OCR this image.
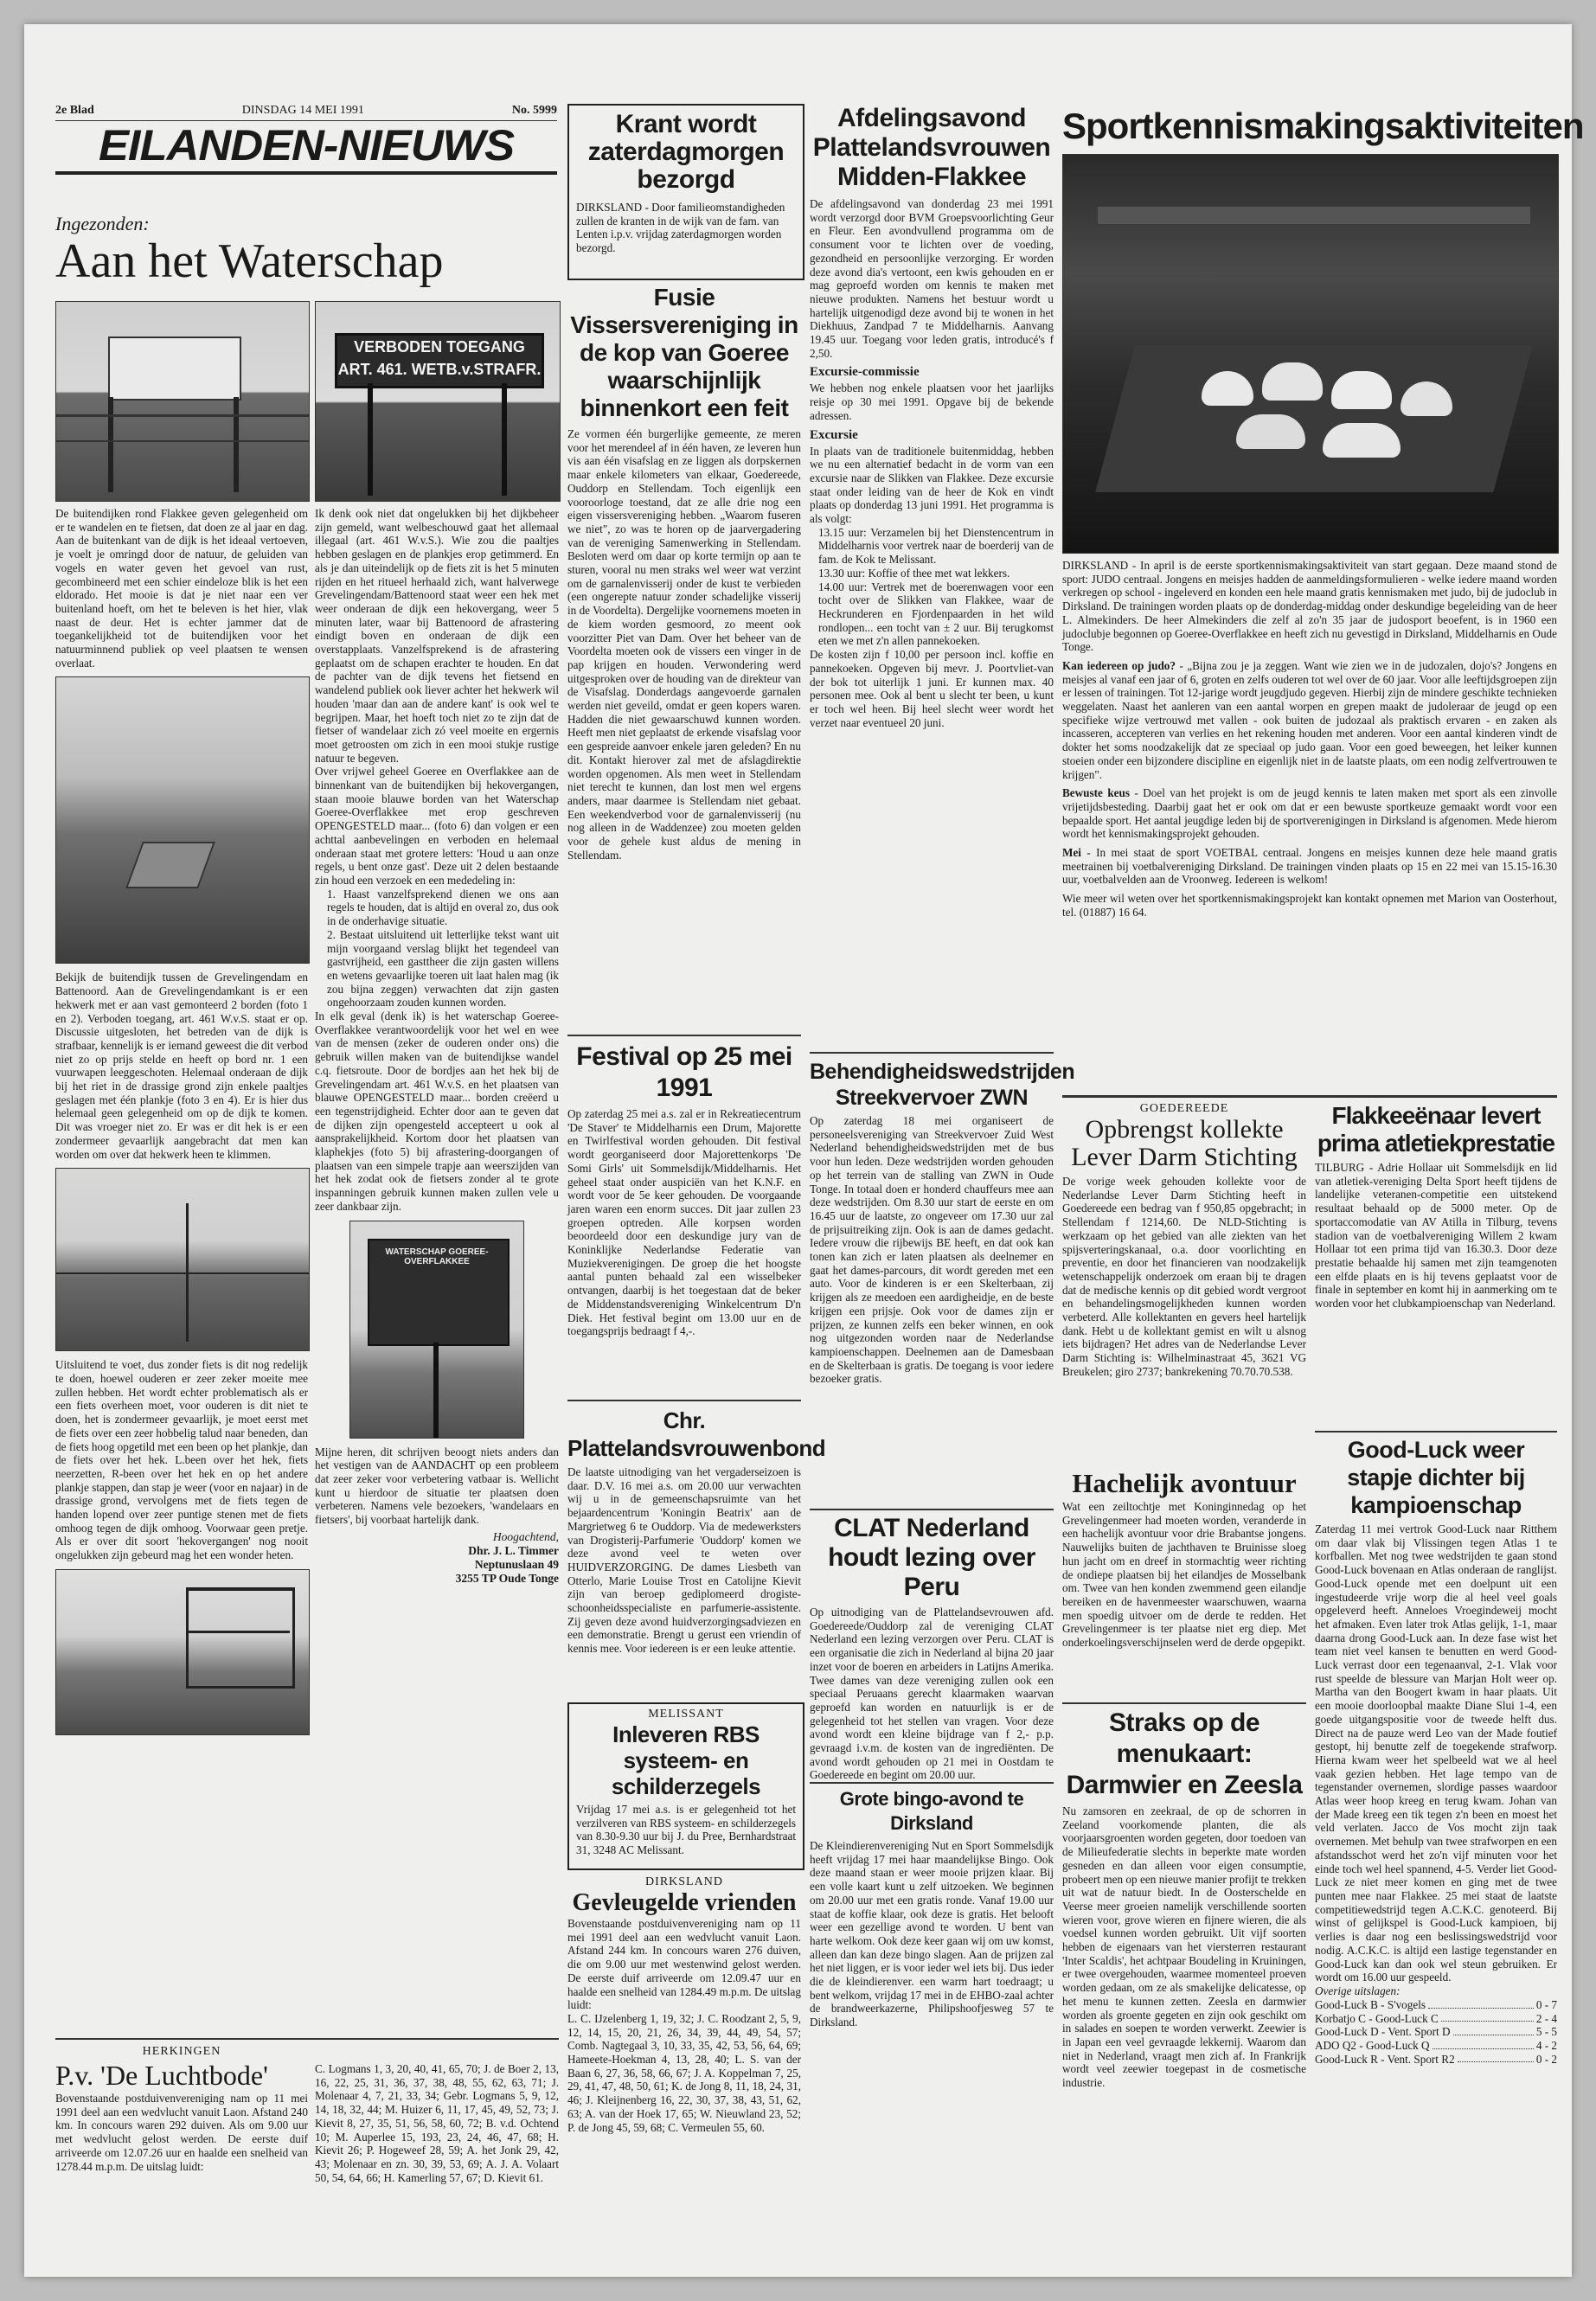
2e Blad	DINSDAG 14 MEI 1991	No. 5999
EILANDEN-NIEUWS
Ingezonden:
Aan het Waterschap
VERBODEN TOEGANG ART. 461. WETB.v.STRAFR.

De buitendijken rond Flakkee geven gelegenheid om er te wandelen en te fietsen, dat doen ze al jaar en dag. Aan de buitenkant van de dijk is het ideaal vertoeven, je voelt je omringd door de natuur, de geluiden van vogels en water geven het gevoel van rust, gecombineerd met een schier eindeloze blik is het een eldorado. Het mooie is dat je niet naar een ver buitenland hoeft, om het te beleven is het hier, vlak naast de deur. Het is echter jammer dat de toegankelijkheid tot de buitendijken voor het natuurminnend publiek op veel plaatsen te wensen overlaat.

Bekijk de buitendijk tussen de Grevelingendam en Battenoord. Aan de Grevelingendamkant is er een hekwerk met er aan vast gemonteerd 2 borden (foto 1 en 2). Verboden toegang, art. 461 W.v.S. staat er op. Discussie uitgesloten, het betreden van de dijk is strafbaar, kennelijk is er iemand geweest die dit verbod niet zo op prijs stelde en heeft op bord nr. 1 een vuurwapen leeggeschoten. Helemaal onderaan de dijk bij het riet in de drassige grond zijn enkele paaltjes geslagen met één plankje (foto 3 en 4). Er is hier dus helemaal geen gelegenheid om op de dijk te komen. Dit was vroeger niet zo. Er was er dit hek is er een zondermeer gevaarlijk aangebracht dat men kan worden om over dat hekwerk heen te klimmen.

Uitsluitend te voet, dus zonder fiets is dit nog redelijk te doen, hoewel ouderen er zeer zeker moeite mee zullen hebben. Het wordt echter problematisch als er een fiets overheen moet, voor ouderen is dit niet te doen, het is zondermeer gevaarlijk, je moet eerst met de fiets over een zeer hobbelig talud naar beneden, dan de fiets hoog opgetild met een been op het plankje, dan de fiets over het hek. L.been over het hek, fiets neerzetten, R-been over het hek en op het andere plankje stappen, dan stap je weer (voor en najaar) in de drassige grond, vervolgens met de fiets tegen de handen lopend over zeer puntige stenen met de fiets omhoog tegen de dijk omhoog. Voorwaar geen pretje. Als er over dit soort 'hekovergangen' nog nooit ongelukken zijn gebeurd mag het een wonder heten.

Ik denk ook niet dat ongelukken bij het dijkbeheer zijn gemeld, want welbeschouwd gaat het allemaal illegaal (art. 461 W.v.S.). Wie zou die paaltjes hebben geslagen en de plankjes erop getimmerd. En als je dan uiteindelijk op de fiets zit is het 5 minuten rijden en het ritueel herhaald zich, want halverwege Grevelingendam/Battenoord staat weer een hek met weer onderaan de dijk een hekovergang, weer 5 minuten later, waar bij Battenoord de afrastering eindigt boven en onderaan de dijk een overstapplaats. Vanzelfsprekend is de afrastering geplaatst om de schapen erachter te houden. En dat de pachter van de dijk tevens het fietsend en wandelend publiek ook liever achter het hekwerk wil houden 'maar dan aan de andere kant' is ook wel te begrijpen. Maar, het hoeft toch niet zo te zijn dat de fietser of wandelaar zich zó veel moeite en ergernis moet getroosten om zich in een mooi stukje rustige natuur te begeven.

Over vrijwel geheel Goeree en Overflakkee aan de binnenkant van de buitendijken bij hekovergangen, staan mooie blauwe borden van het Waterschap Goeree-Overflakkee met erop geschreven OPENGESTELD maar... (foto 6) dan volgen er een achttal aanbevelingen en verboden en helemaal onderaan staat met grotere letters: 'Houd u aan onze regels, u bent onze gast'. Deze uit 2 delen bestaande zin houd een verzoek en een mededeling in:

1. Haast vanzelfsprekend dienen we ons aan regels te houden, dat is altijd en overal zo, dus ook in de onderhavige situatie.

2. Bestaat uitsluitend uit letterlijke tekst want uit mijn voorgaand verslag blijkt het tegendeel van gastvrijheid, een gasttheer die zijn gasten willens en wetens gevaarlijke toeren uit laat halen mag (ik zou bijna zeggen) verwachten dat zijn gasten ongehoorzaam zouden kunnen worden.

In elk geval (denk ik) is het waterschap Goeree-Overflakkee verantwoordelijk voor het wel en wee van de mensen (zeker de ouderen onder ons) die gebruik willen maken van de buitendijkse wandel c.q. fietsroute. Door de bordjes aan het hek bij de Grevelingendam art. 461 W.v.S. en het plaatsen van blauwe OPENGESTELD maar... borden creëerd u een tegenstrijdigheid. Echter door aan te geven dat de dijken zijn opengesteld accepteert u ook al aansprakelijkheid. Kortom door het plaatsen van klaphekjes (foto 5) bij afrastering-doorgangen of plaatsen van een simpele trapje aan weerszijden van het hek zodat ook de fietsers zonder al te grote inspanningen gebruik kunnen maken zullen vele u zeer dankbaar zijn.

WATERSCHAP GOEREE-OVERFLAKKEE

Mijne heren, dit schrijven beoogt niets anders dan het vestigen van de AANDACHT op een probleem dat zeer zeker voor verbetering vatbaar is. Wellicht kunt u hierdoor de situatie ter plaatsen doen verbeteren. Namens vele bezoekers, 'wandelaars en fietsers', bij voorbaat hartelijk dank.

Hoogachtend,
Dhr. J. L. Timmer
Neptunuslaan 49
3255 TP Oude Tonge
HERKINGEN
P.v. 'De Luchtbode'

Bovenstaande postduivenvereniging nam op 11 mei 1991 deel aan een wedvlucht vanuit Laon. Afstand 240 km. In concours waren 292 duiven. Als om 9.00 uur met wedvlucht gelost werden. De eerste duif arriveerde om 12.07.26 uur en haalde een snelheid van 1278.44 m.p.m. De uitslag luidt:

C. Logmans 1, 3, 20, 40, 41, 65, 70; J. de Boer 2, 13, 16, 22, 25, 31, 36, 37, 38, 48, 55, 62, 63, 71; J. Molenaar 4, 7, 21, 33, 34; Gebr. Logmans 5, 9, 12, 14, 18, 32, 44; M. Huizer 6, 11, 17, 45, 49, 52, 73; J. Kievit 8, 27, 35, 51, 56, 58, 60, 72; B. v.d. Ochtend 10; M. Auperlee 15, 193, 23, 24, 46, 47, 68; H. Kievit 26; P. Hogeweef 28, 59; A. het Jonk 29, 42, 43; Molenaar en zn. 30, 39, 53, 69; A. J. A. Volaart 50, 54, 64, 66; H. Kamerling 57, 67; D. Kievit 61.

Krant wordt zaterdagmorgen bezorgd

DIRKSLAND - Door familieomstandigheden zullen de kranten in de wijk van de fam. van Lenten i.p.v. vrijdag zaterdagmorgen worden bezorgd.

Fusie Vissersvereniging in de kop van Goeree waarschijnlijk binnenkort een feit

Ze vormen één burgerlijke gemeente, ze meren voor het merendeel af in één haven, ze leveren hun vis aan één visafslag en ze liggen als dorpskernen maar enkele kilometers van elkaar, Goedereede, Ouddorp en Stellendam. Toch eigenlijk een vooroorloge toestand, dat ze alle drie nog een eigen vissersvereniging hebben. „Waarom fuseren we niet", zo was te horen op de jaarvergadering van de vereniging Samenwerking in Stellendam. Besloten werd om daar op korte termijn op aan te sturen, vooral nu men straks wel weer wat verzint om de garnalenvisserij onder de kust te verbieden (een ongerepte natuur zonder schadelijke visserij in de Voordelta). Dergelijke voornemens moeten in de kiem worden gesmoord, zo meent ook voorzitter Piet van Dam. Over het beheer van de Voordelta moeten ook de vissers een vinger in de pap krijgen en houden. Verwondering werd uitgesproken over de houding van de direkteur van de Visafslag. Donderdags aangevoerde garnalen werden niet geveild, omdat er geen kopers waren. Hadden die niet gewaarschuwd kunnen worden. Heeft men niet geplaatst de erkende visafslag voor een gespreide aanvoer enkele jaren geleden? En nu dit. Kontakt hierover zal met de afslagdirektie worden opgenomen. Als men weet in Stellendam niet terecht te kunnen, dan lost men wel ergens anders, maar daarmee is Stellendam niet gebaat. Een weekendverbod voor de garnalenvisserij (nu nog alleen in de Waddenzee) zou moeten gelden voor de gehele kust aldus de mening in Stellendam.

Festival op 25 mei 1991

Op zaterdag 25 mei a.s. zal er in Rekreatiecentrum 'De Staver' te Middelharnis een Drum, Majorette en Twirlfestival worden gehouden. Dit festival wordt georganiseerd door Majorettenkorps 'De Somi Girls' uit Sommelsdijk/Middelharnis. Het geheel staat onder auspiciën van het K.N.F. en wordt voor de 5e keer gehouden. De voorgaande jaren waren een enorm succes. Dit jaar zullen 23 groepen optreden. Alle korpsen worden beoordeeld door een deskundige jury van de Koninklijke Nederlandse Federatie van Muziekverenigingen. De groep die het hoogste aantal punten behaald zal een wisselbeker ontvangen, daarbij is het toegestaan dat de beker de Middenstandsvereniging Winkelcentrum D'n Diek. Het festival begint om 13.00 uur en de toegangsprijs bedraagt f 4,-.

Chr. Plattelandsvrouwenbond

De laatste uitnodiging van het vergaderseizoen is daar. D.V. 16 mei a.s. om 20.00 uur verwachten wij u in de gemeenschapsruimte van het bejaardencentrum 'Koningin Beatrix' aan de Margrietweg 6 te Ouddorp. Via de medewerksters van Drogisterij-Parfumerie 'Ouddorp' komen we deze avond veel te weten over HUIDVERZORGING. De dames Liesbeth van Otterlo, Marie Louise Trost en Catolijne Kievit zijn van beroep gediplomeerd drogiste-schoonheidsspecialiste en parfumerie-assistente. Zij geven deze avond huidverzorgingsadviezen en een demonstratie. Brengt u gerust een vriendin of kennis mee. Voor iedereen is er een leuke attentie.

MELISSANT
Inleveren RBS systeem- en schilderzegels

Vrijdag 17 mei a.s. is er gelegenheid tot het verzilveren van RBS systeem- en schilderzegels van 8.30-9.30 uur bij J. du Pree, Bernhardstraat 31, 3248 AC Melissant.

DIRKSLAND
Gevleugelde vrienden

Bovenstaande postduivenvereniging nam op 11 mei 1991 deel aan een wedvlucht vanuit Laon. Afstand 244 km. In concours waren 276 duiven, die om 9.00 uur met westenwind gelost werden. De eerste duif arriveerde om 12.09.47 uur en haalde een snelheid van 1284.49 m.p.m. De uitslag luidt:

L. C. IJzelenberg 1, 19, 32; J. C. Roodzant 2, 5, 9, 12, 14, 15, 20, 21, 26, 34, 39, 44, 49, 54, 57; Comb. Nagtegaal 3, 10, 33, 35, 42, 53, 56, 64, 69; Hameete-Hoekman 4, 13, 28, 40; L. S. van der Baan 6, 27, 36, 58, 66, 67; J. A. Koppelman 7, 25, 29, 41, 47, 48, 50, 61; K. de Jong 8, 11, 18, 24, 31, 46; J. Kleijnenberg 16, 22, 30, 37, 38, 43, 51, 62, 63; A. van der Hoek 17, 65; W. Nieuwland 23, 52; P. de Jong 45, 59, 68; C. Vermeulen 55, 60.

Afdelingsavond Plattelandsvrouwen Midden-Flakkee

De afdelingsavond van donderdag 23 mei 1991 wordt verzorgd door BVM Groepsvoorlichting Geur en Fleur. Een avondvullend programma om de consument voor te lichten over de voeding, gezondheid en persoonlijke verzorging. Er worden deze avond dia's vertoont, een kwis gehouden en er mag geproefd worden om kennis te maken met nieuwe produkten. Namens het bestuur wordt u hartelijk uitgenodigd deze avond bij te wonen in het Diekhuus, Zandpad 7 te Middelharnis. Aanvang 19.45 uur. Toegang voor leden gratis, introducé's f 2,50.

Excursie-commissie

We hebben nog enkele plaatsen voor het jaarlijks reisje op 30 mei 1991. Opgave bij de bekende adressen.

Excursie

In plaats van de traditionele buitenmiddag, hebben we nu een alternatief bedacht in de vorm van een excursie naar de Slikken van Flakkee. Deze excursie staat onder leiding van de heer de Kok en vindt plaats op donderdag 13 juni 1991. Het programma is als volgt:

13.15 uur: Verzamelen bij het Dienstencentrum in Middelharnis voor vertrek naar de boerderij van de fam. de Kok te Melissant.

13.30 uur: Koffie of thee met wat lekkers.

14.00 uur: Vertrek met de boerenwagen voor een tocht over de Slikken van Flakkee, waar de Heckrunderen en Fjordenpaarden in het wild rondlopen... een tocht van ± 2 uur. Bij terugkomst eten we met z'n allen pannekoeken.

De kosten zijn f 10,00 per persoon incl. koffie en pannekoeken. Opgeven bij mevr. J. Poortvliet-van der bok tot uiterlijk 1 juni. Er kunnen max. 40 personen mee. Ook al bent u slecht ter been, u kunt er toch wel heen. Bij heel slecht weer wordt het verzet naar eventueel 20 juni.

Behendigheidswedstrijden Streekvervoer ZWN

Op zaterdag 18 mei organiseert de personeelsvereniging van Streekvervoer Zuid West Nederland behendigheidswedstrijden met de bus voor hun leden. Deze wedstrijden worden gehouden op het terrein van de stalling van ZWN in Oude Tonge. In totaal doen er honderd chauffeurs mee aan deze wedstrijden. Om 8.30 uur start de eerste en om 16.45 uur de laatste, zo ongeveer om 17.30 uur zal de prijsuitreiking zijn. Ook is aan de dames gedacht. Iedere vrouw die rijbewijs BE heeft, en dat ook kan tonen kan zich er laten plaatsen als deelnemer en gaat het dames-parcours, dit wordt gereden met een auto. Voor de kinderen is er een Skelterbaan, zij krijgen als ze meedoen een aardigheidje, en de beste krijgen een prijsje. Ook voor de dames zijn er prijzen, ze kunnen zelfs een beker winnen, en ook nog uitgezonden worden naar de Nederlandse kampioenschappen. Deelnemen aan de Damesbaan en de Skelterbaan is gratis. De toegang is voor iedere bezoeker gratis.

CLAT Nederland houdt lezing over Peru

Op uitnodiging van de Plattelandsevrouwen afd. Goedereede/Ouddorp zal de vereniging CLAT Nederland een lezing verzorgen over Peru. CLAT is een organisatie die zich in Nederland al bijna 20 jaar inzet voor de boeren en arbeiders in Latijns Amerika. Twee dames van deze vereniging zullen ook een speciaal Peruaans gerecht klaarmaken waarvan geproefd kan worden en natuurlijk is er de gelegenheid tot het stellen van vragen. Voor deze avond wordt een kleine bijdrage van f 2,- p.p. gevraagd i.v.m. de kosten van de ingrediënten. De avond wordt gehouden op 21 mei in Oostdam te Goedereede en begint om 20.00 uur.

Grote bingo-avond te Dirksland

De Kleindierenvereniging Nut en Sport Sommelsdijk heeft vrijdag 17 mei haar maandelijkse Bingo. Ook deze maand staan er weer mooie prijzen klaar. Bij een volle kaart kunt u zelf uitzoeken. We beginnen om 20.00 uur met een gratis ronde. Vanaf 19.00 uur staat de koffie klaar, ook deze is gratis. Het belooft weer een gezellige avond te worden. U bent van harte welkom. Ook deze keer gaan wij om uw komst, alleen dan kan deze bingo slagen. Aan de prijzen zal het niet liggen, er is voor ieder wel iets bij. Dus ieder die de kleindierenver. een warm hart toedraagt; u bent welkom, vrijdag 17 mei in de EHBO-zaal achter de brandweerkazerne, Philipshoofjesweg 57 te Dirksland.

Sportkennismakingsaktiviteiten

DIRKSLAND - In april is de eerste sportkennismakingsaktiviteit van start gegaan. Deze maand stond de sport: JUDO centraal. Jongens en meisjes hadden de aanmeldingsformulieren - welke iedere maand worden verkregen op school - ingeleverd en konden een hele maand gratis kennismaken met judo, bij de judoclub in Dirksland. De trainingen worden plaats op de donderdag-middag onder deskundige begeleiding van de heer L. Almekinders. De heer Almekinders die zelf al zo'n 35 jaar de judosport beoefent, is in 1960 een judoclubje begonnen op Goeree-Overflakkee en heeft zich nu gevestigd in Dirksland, Middelharnis en Oude Tonge.

Kan iedereen op judo? - „Bijna zou je ja zeggen. Want wie zien we in de judozalen, dojo's? Jongens en meisjes al vanaf een jaar of 6, groten en zelfs ouderen tot wel over de 60 jaar. Voor alle leeftijdsgroepen zijn er lessen of trainingen. Tot 12-jarige wordt jeugdjudo gegeven. Hierbij zijn de mindere geschikte technieken weggelaten. Naast het aanleren van een aantal worpen en grepen maakt de judoleraar de jeugd op een specifieke wijze vertrouwd met vallen - ook buiten de judozaal als praktisch ervaren - en zaken als incasseren, accepteren van verlies en het rekening houden met anderen. Voor een aantal kinderen vindt de dokter het soms noodzakelijk dat ze speciaal op judo gaan. Voor een goed beweegen, het leiker kunnen stoeien onder een bijzondere discipline en eigenlijk niet in de laatste plaats, om een nodig zelfvertrouwen te krijgen".

Bewuste keus - Doel van het projekt is om de jeugd kennis te laten maken met sport als een zinvolle vrijetijdsbesteding. Daarbij gaat het er ook om dat er een bewuste sportkeuze gemaakt wordt voor een bepaalde sport. Het aantal jeugdige leden bij de sportverenigingen in Dirksland is afgenomen. Mede hierom wordt het kennismakingsprojekt gehouden.

Mei - In mei staat de sport VOETBAL centraal. Jongens en meisjes kunnen deze hele maand gratis meetrainen bij voetbalvereniging Dirksland. De trainingen vinden plaats op 15 en 22 mei van 15.15-16.30 uur, voetbalvelden aan de Vroonweg. Iedereen is welkom!

Wie meer wil weten over het sportkennismakingsprojekt kan kontakt opnemen met Marion van Oosterhout, tel. (01887) 16 64.

GOEDEREEDE
Opbrengst kollekte Lever Darm Stichting

De vorige week gehouden kollekte voor de Nederlandse Lever Darm Stichting heeft in Goedereede een bedrag van f 950,85 opgebracht; in Stellendam f 1214,60. De NLD-Stichting is werkzaam op het gebied van alle ziekten van het spijsverteringskanaal, o.a. door voorlichting en preventie, en door het financieren van noodzakelijk wetenschappelijk onderzoek om eraan bij te dragen dat de medische kennis op dit gebied wordt vergroot en behandelingsmogelijkheden kunnen worden verbeterd. Alle kollektanten en gevers heel hartelijk dank. Hebt u de kollektant gemist en wilt u alsnog iets bijdragen? Het adres van de Nederlandse Lever Darm Stichting is: Wilhelminastraat 45, 3621 VG Breukelen; giro 2737; bankrekening 70.70.70.538.

Hachelijk avontuur

Wat een zeiltochtje met Koninginnedag op het Grevelingenmeer had moeten worden, veranderde in een hachelijk avontuur voor drie Brabantse jongens. Nauwelijks buiten de jachthaven te Bruinisse sloeg hun jacht om en dreef in stormachtig weer richting de ondiepe plaatsen bij het eilandjes de Mosselbank om. Twee van hen konden zwemmend geen eilandje bereiken en de havenmeester waarschuwen, waarna men spoedig uitvoer om de derde te redden. Het Grevelingenmeer is ter plaatse niet erg diep. Met onderkoelingsverschijnselen werd de derde opgepikt.

Straks op de menukaart: Darmwier en Zeesla

Nu zamsoren en zeekraal, de op de schorren in Zeeland voorkomende planten, die als voorjaarsgroenten worden gegeten, door toedoen van de Milieufederatie slechts in beperkte mate worden gesneden en dan alleen voor eigen consumptie, probeert men op een nieuwe manier profijt te trekken uit wat de natuur biedt. In de Oosterschelde en Veerse meer groeien namelijk verschillende soorten wieren voor, grove wieren en fijnere wieren, die als voedsel kunnen worden gebruikt. Uit vijf soorten hebben de eigenaars van het viersterren restaurant 'Inter Scaldis', het achtpaar Boudeling in Kruiningen, er twee overgehouden, waarmee momenteel proeven worden gedaan, om ze als smakelijke delicatesse, op het menu te kunnen zetten. Zeesla en darmwier worden als groente gegeten en zijn ook geschikt om in salades en soepen te worden verwerkt. Zeewier is in Japan een veel gevraagde lekkernij. Waarom dan niet in Nederland, vraagt men zich af. In Frankrijk wordt veel zeewier toegepast in de cosmetische industrie.

Flakkeeënaar levert prima atletiekprestatie

TILBURG - Adrie Hollaar uit Sommelsdijk en lid van atletiek-vereniging Delta Sport heeft tijdens de landelijke veteranen-competitie een uitstekend resultaat behaald op de 5000 meter. Op de sportaccomodatie van AV Atilla in Tilburg, tevens stadion van de voetbalvereniging Willem 2 kwam Hollaar tot een prima tijd van 16.30.3. Door deze prestatie behaalde hij samen met zijn teamgenoten een elfde plaats en is hij tevens geplaatst voor de finale in september en komt hij in aanmerking om te worden voor het clubkampioenschap van Nederland.

Good-Luck weer stapje dichter bij kampioenschap

Zaterdag 11 mei vertrok Good-Luck naar Ritthem om daar vlak bij Vlissingen tegen Atlas 1 te korfballen. Met nog twee wedstrijden te gaan stond Good-Luck bovenaan en Atlas onderaan de ranglijst. Good-Luck opende met een doelpunt uit een ingestudeerde vrije worp die al heel veel goals opgeleverd heeft. Anneloes Vroegindeweij mocht het afmaken. Even later trok Atlas gelijk, 1-1, maar daarna drong Good-Luck aan. In deze fase wist het team niet veel kansen te benutten en werd Good-Luck verrast door een tegenaanval, 2-1. Vlak voor rust speelde de blessure van Marjan Holt weer op. Martha van den Boogert kwam in haar plaats. Uit een mooie doorloopbal maakte Diane Slui 1-4, een goede uitgangspositie voor de tweede helft dus. Direct na de pauze werd Leo van der Made foutief gestopt, hij benutte zelf de toegekende strafworp. Hierna kwam weer het spelbeeld wat we al heel vaak gezien hebben. Het lage tempo van de tegenstander overnemen, slordige passes waardoor Atlas weer hoop kreeg en terug kwam. Johan van der Made kreeg een tik tegen z'n been en moest het veld verlaten. Jacco de Vos mocht zijn taak overnemen. Met behulp van twee strafworpen en een afstandsschot werd het zo'n vijf minuten voor het einde toch wel heel spannend, 4-5. Verder liet Good-Luck ze niet meer komen en ging met de twee punten mee naar Flakkee. 25 mei staat de laatste competitiewedstrijd tegen A.C.K.C. genoteerd. Bij winst of gelijkspel is Good-Luck kampioen, bij verlies is daar nog een beslissingswedstrijd voor nodig. A.C.K.C. is altijd een lastige tegenstander en Good-Luck kan dan ook wel steun gebruiken. Er wordt om 16.00 uur gespeeld.

Overige uitslagen:
Good-Luck B - S'vogels	0 - 7
Korbatjo C - Good-Luck C	2 - 4
Good-Luck D - Vent. Sport D	5 - 5
ADO Q2 - Good-Luck Q	4 - 2
Good-Luck R - Vent. Sport R2	0 - 2
